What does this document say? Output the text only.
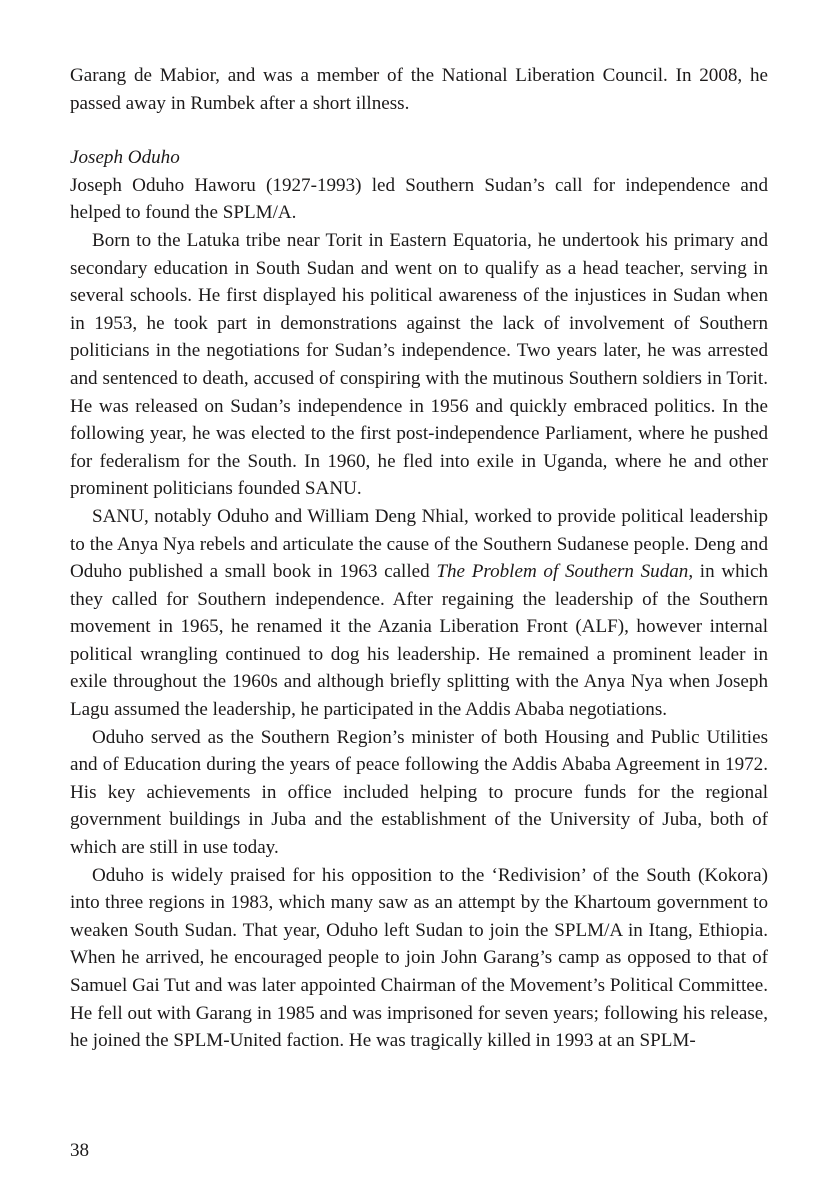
Garang de Mabior, and was a member of the National Liberation Council. In 2008, he passed away in Rumbek after a short illness.

Joseph Oduho

Joseph Oduho Haworu (1927-1993) led Southern Sudan’s call for independence and helped to found the SPLM/A.

Born to the Latuka tribe near Torit in Eastern Equatoria, he undertook his primary and secondary education in South Sudan and went on to qualify as a head teacher, serving in several schools. He first displayed his political awareness of the injustices in Sudan when in 1953, he took part in demonstrations against the lack of involvement of Southern politicians in the negotiations for Sudan’s independence. Two years later, he was arrested and sentenced to death, accused of conspiring with the mutinous Southern soldiers in Torit. He was released on Sudan’s independence in 1956 and quickly embraced politics. In the following year, he was elected to the first post-independence Parliament, where he pushed for federalism for the South. In 1960, he fled into exile in Uganda, where he and other prominent politicians founded SANU.

SANU, notably Oduho and William Deng Nhial, worked to provide political leadership to the Anya Nya rebels and articulate the cause of the Southern Sudanese people. Deng and Oduho published a small book in 1963 called The Problem of Southern Sudan, in which they called for Southern independence. After regaining the leadership of the Southern movement in 1965, he renamed it the Azania Liberation Front (ALF), however internal political wrangling continued to dog his leadership. He remained a prominent leader in exile throughout the 1960s and although briefly splitting with the Anya Nya when Joseph Lagu assumed the leadership, he participated in the Addis Ababa negotiations.

Oduho served as the Southern Region’s minister of both Housing and Public Utilities and of Education during the years of peace following the Addis Ababa Agreement in 1972. His key achievements in office included helping to procure funds for the regional government buildings in Juba and the establishment of the University of Juba, both of which are still in use today.

Oduho is widely praised for his opposition to the ‘Redivision’ of the South (Kokora) into three regions in 1983, which many saw as an attempt by the Khartoum government to weaken South Sudan. That year, Oduho left Sudan to join the SPLM/A in Itang, Ethiopia. When he arrived, he encouraged people to join John Garang’s camp as opposed to that of Samuel Gai Tut and was later appointed Chairman of the Movement’s Political Committee. He fell out with Garang in 1985 and was imprisoned for seven years; following his release, he joined the SPLM-United faction. He was tragically killed in 1993 at an SPLM-

38
